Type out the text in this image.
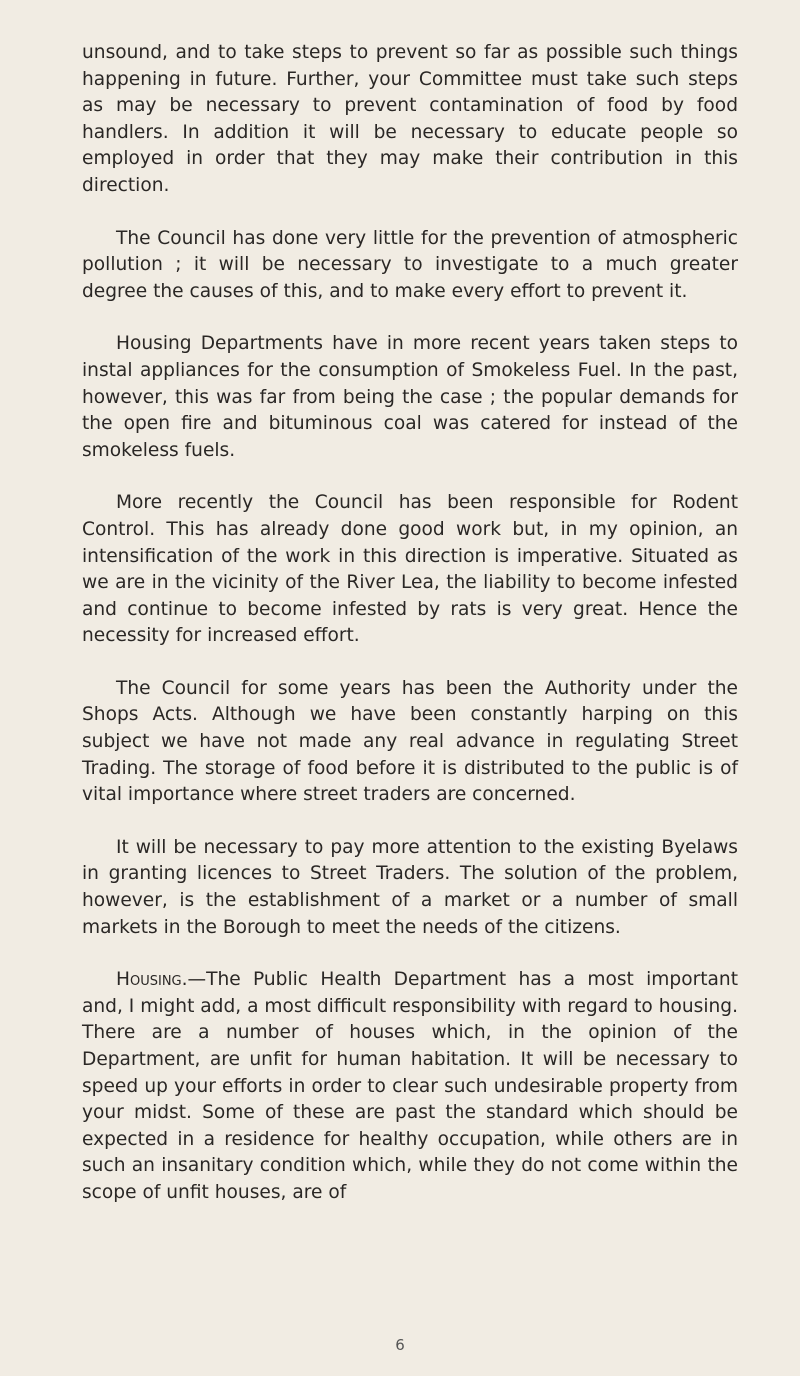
unsound, and to take steps to prevent so far as possible such things happening in future. Further, your Committee must take such steps as may be necessary to prevent contamination of food by food handlers. In addition it will be necessary to educate people so employed in order that they may make their contribution in this direction.

The Council has done very little for the prevention of atmospheric pollution ; it will be necessary to investigate to a much greater degree the causes of this, and to make every effort to prevent it.

Housing Departments have in more recent years taken steps to instal appliances for the consumption of Smokeless Fuel. In the past, however, this was far from being the case ; the popular demands for the open fire and bituminous coal was catered for instead of the smokeless fuels.

More recently the Council has been responsible for Rodent Control. This has already done good work but, in my opinion, an intensification of the work in this direction is imperative. Situated as we are in the vicinity of the River Lea, the liability to become infested and continue to become infested by rats is very great. Hence the necessity for increased effort.

The Council for some years has been the Authority under the Shops Acts. Although we have been constantly harping on this subject we have not made any real advance in regulating Street Trading. The storage of food before it is distributed to the public is of vital importance where street traders are concerned.

It will be necessary to pay more attention to the existing Byelaws in granting licences to Street Traders. The solution of the problem, however, is the establishment of a market or a number of small markets in the Borough to meet the needs of the citizens.

Housing.—The Public Health Department has a most important and, I might add, a most difficult responsibility with regard to housing. There are a number of houses which, in the opinion of the Department, are unfit for human habitation. It will be necessary to speed up your efforts in order to clear such undesirable property from your midst. Some of these are past the standard which should be expected in a residence for healthy occupation, while others are in such an insanitary condition which, while they do not come within the scope of unfit houses, are of

6
